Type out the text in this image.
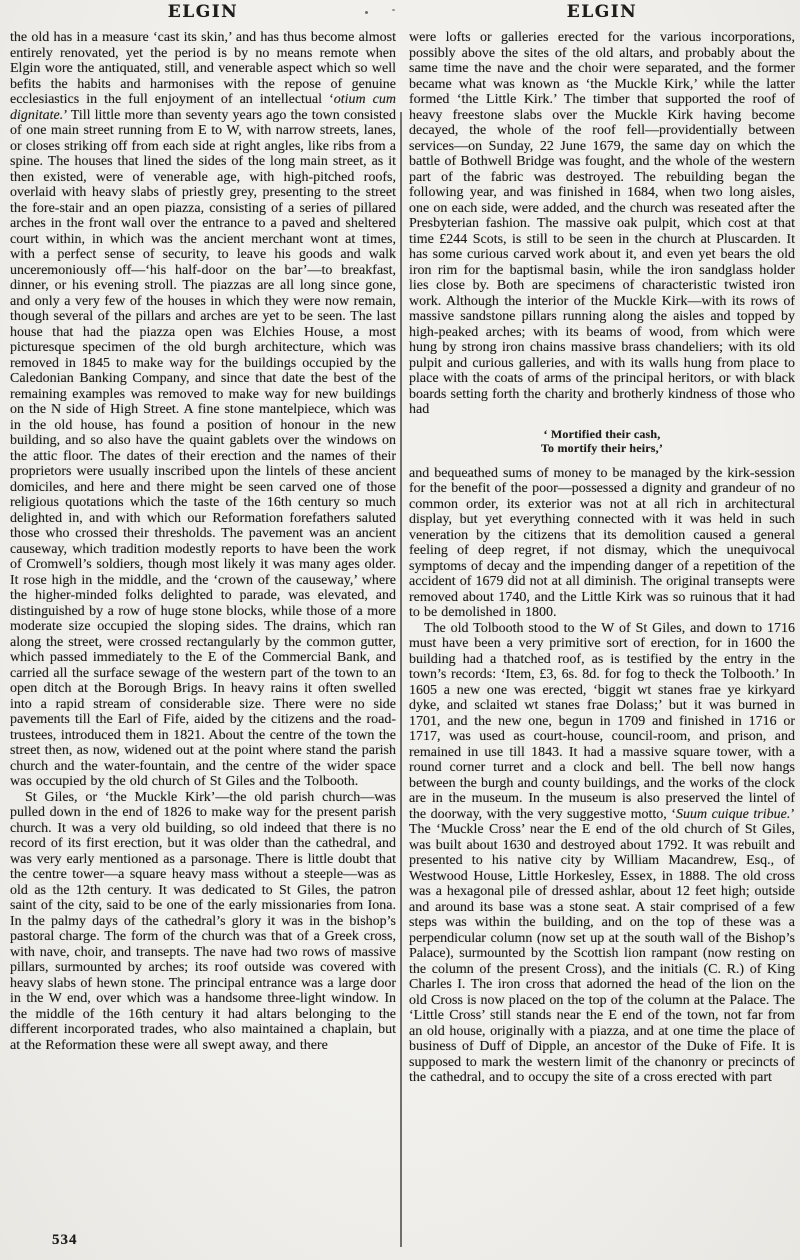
ELGIN

the old has in a measure ‘cast its skin,’ and has thus become almost entirely renovated, yet the period is by no means remote when Elgin wore the antiquated, still, and venerable aspect which so well befits the habits and harmonises with the repose of genuine ecclesiastics in the full enjoyment of an intellectual ‘otium cum dignitate.’ Till little more than seventy years ago the town consisted of one main street running from E to W, with narrow streets, lanes, or closes striking off from each side at right angles, like ribs from a spine. The houses that lined the sides of the long main street, as it then existed, were of venerable age, with high-pitched roofs, overlaid with heavy slabs of priestly grey, presenting to the street the fore-stair and an open piazza, consisting of a series of pillared arches in the front wall over the entrance to a paved and sheltered court within, in which was the ancient merchant wont at times, with a perfect sense of security, to leave his goods and walk unceremoniously off—‘his half-door on the bar’—to breakfast, dinner, or his evening stroll. The piazzas are all long since gone, and only a very few of the houses in which they were now remain, though several of the pillars and arches are yet to be seen. The last house that had the piazza open was Elchies House, a most picturesque specimen of the old burgh architecture, which was removed in 1845 to make way for the buildings occupied by the Caledonian Banking Company, and since that date the best of the remaining examples was removed to make way for new buildings on the N side of High Street. A fine stone mantelpiece, which was in the old house, has found a position of honour in the new building, and so also have the quaint gablets over the windows on the attic floor. The dates of their erection and the names of their proprietors were usually inscribed upon the lintels of these ancient domiciles, and here and there might be seen carved one of those religious quotations which the taste of the 16th century so much delighted in, and with which our Reformation forefathers saluted those who crossed their thresholds. The pavement was an ancient causeway, which tradition modestly reports to have been the work of Cromwell’s soldiers, though most likely it was many ages older. It rose high in the middle, and the ‘crown of the causeway,’ where the higher-minded folks delighted to parade, was elevated, and distinguished by a row of huge stone blocks, while those of a more moderate size occupied the sloping sides. The drains, which ran along the street, were crossed rectangularly by the common gutter, which passed immediately to the E of the Commercial Bank, and carried all the surface sewage of the western part of the town to an open ditch at the Borough Brigs. In heavy rains it often swelled into a rapid stream of considerable size. There were no side pavements till the Earl of Fife, aided by the citizens and the road-trustees, introduced them in 1821. About the centre of the town the street then, as now, widened out at the point where stand the parish church and the water-fountain, and the centre of the wider space was occupied by the old church of St Giles and the Tolbooth.

St Giles, or ‘the Muckle Kirk’—the old parish church—was pulled down in the end of 1826 to make way for the present parish church. It was a very old building, so old indeed that there is no record of its first erection, but it was older than the cathedral, and was very early mentioned as a parsonage. There is little doubt that the centre tower—a square heavy mass without a steeple—was as old as the 12th century. It was dedicated to St Giles, the patron saint of the city, said to be one of the early missionaries from Iona. In the palmy days of the cathedral’s glory it was in the bishop’s pastoral charge. The form of the church was that of a Greek cross, with nave, choir, and transepts. The nave had two rows of massive pillars, surmounted by arches; its roof outside was covered with heavy slabs of hewn stone. The principal entrance was a large door in the W end, over which was a handsome three-light window. In the middle of the 16th century it had altars belonging to the different incorporated trades, who also maintained a chaplain, but at the Reformation these were all swept away, and there

ELGIN

were lofts or galleries erected for the various incorporations, possibly above the sites of the old altars, and probably about the same time the nave and the choir were separated, and the former became what was known as ‘the Muckle Kirk,’ while the latter formed ‘the Little Kirk.’ The timber that supported the roof of heavy freestone slabs over the Muckle Kirk having become decayed, the whole of the roof fell—providentially between services—on Sunday, 22 June 1679, the same day on which the battle of Bothwell Bridge was fought, and the whole of the western part of the fabric was destroyed. The rebuilding began the following year, and was finished in 1684, when two long aisles, one on each side, were added, and the church was reseated after the Presbyterian fashion. The massive oak pulpit, which cost at that time £244 Scots, is still to be seen in the church at Pluscarden. It has some curious carved work about it, and even yet bears the old iron rim for the baptismal basin, while the iron sandglass holder lies close by. Both are specimens of characteristic twisted iron work. Although the interior of the Muckle Kirk—with its rows of massive sandstone pillars running along the aisles and topped by high-peaked arches; with its beams of wood, from which were hung by strong iron chains massive brass chandeliers; with its old pulpit and curious galleries, and with its walls hung from place to place with the coats of arms of the principal heritors, or with black boards setting forth the charity and brotherly kindness of those who had

‘ Mortified their cash,
To mortify their heirs,’

and bequeathed sums of money to be managed by the kirk-session for the benefit of the poor—possessed a dignity and grandeur of no common order, its exterior was not at all rich in architectural display, but yet everything connected with it was held in such veneration by the citizens that its demolition caused a general feeling of deep regret, if not dismay, which the unequivocal symptoms of decay and the impending danger of a repetition of the accident of 1679 did not at all diminish. The original transepts were removed about 1740, and the Little Kirk was so ruinous that it had to be demolished in 1800.

The old Tolbooth stood to the W of St Giles, and down to 1716 must have been a very primitive sort of erection, for in 1600 the building had a thatched roof, as is testified by the entry in the town’s records: ‘Item, £3, 6s. 8d. for fog to theck the Tolbooth.’ In 1605 a new one was erected, ‘biggit wt stanes frae ye kirkyard dyke, and sclaited wt stanes frae Dolass;’ but it was burned in 1701, and the new one, begun in 1709 and finished in 1716 or 1717, was used as court-house, council-room, and prison, and remained in use till 1843. It had a massive square tower, with a round corner turret and a clock and bell. The bell now hangs between the burgh and county buildings, and the works of the clock are in the museum. In the museum is also preserved the lintel of the doorway, with the very suggestive motto, ‘Suum cuique tribue.’ The ‘Muckle Cross’ near the E end of the old church of St Giles, was built about 1630 and destroyed about 1792. It was rebuilt and presented to his native city by William Macandrew, Esq., of Westwood House, Little Horkesley, Essex, in 1888. The old cross was a hexagonal pile of dressed ashlar, about 12 feet high; outside and around its base was a stone seat. A stair comprised of a few steps was within the building, and on the top of these was a perpendicular column (now set up at the south wall of the Bishop’s Palace), surmounted by the Scottish lion rampant (now resting on the column of the present Cross), and the initials (C. R.) of King Charles I. The iron cross that adorned the head of the lion on the old Cross is now placed on the top of the column at the Palace. The ‘Little Cross’ still stands near the E end of the town, not far from an old house, originally with a piazza, and at one time the place of business of Duff of Dipple, an ancestor of the Duke of Fife. It is supposed to mark the western limit of the chanonry or precincts of the cathedral, and to occupy the site of a cross erected with part

534
